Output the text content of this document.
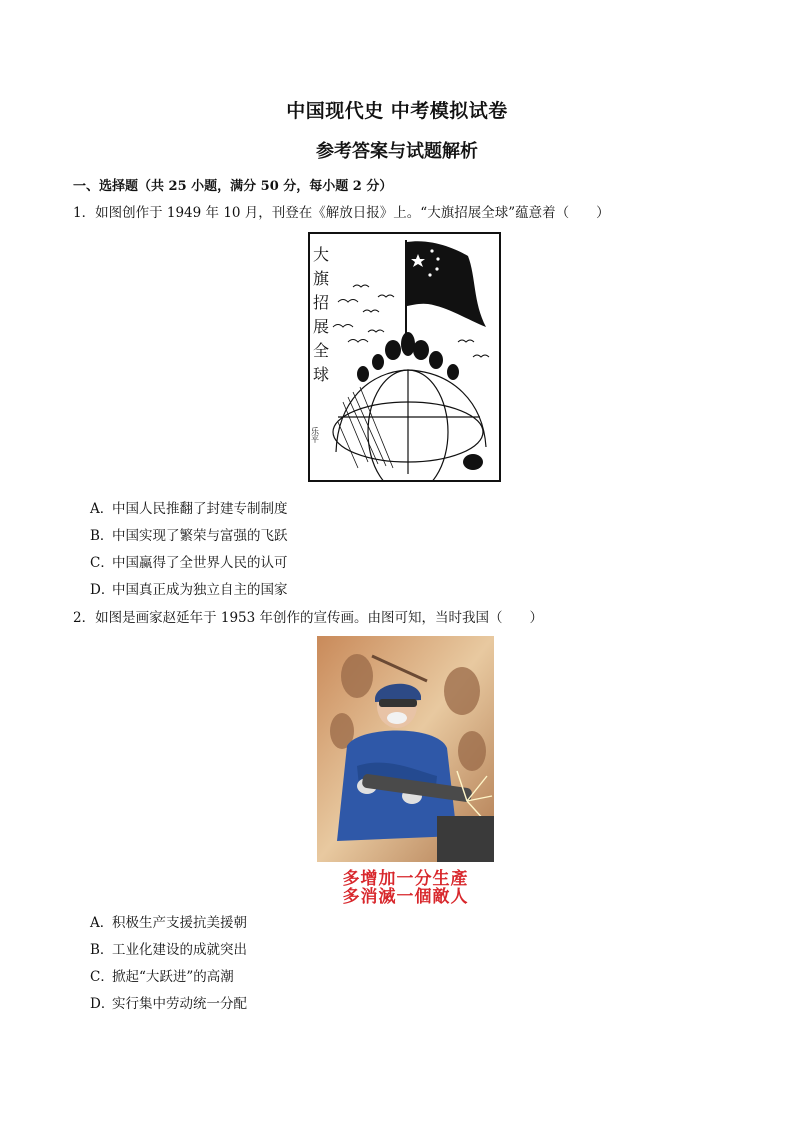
中国现代史 中考模拟试卷
参考答案与试题解析
一、选择题（共 25 小题，满分 50 分，每小题 2 分）
1．如图创作于 1949 年 10 月，刊登在《解放日报》上。“大旗招展全球”蕴意着（　　）
大
旗
招
展
全
球
乐平
A．中国人民推翻了封建专制制度
B．中国实现了繁荣与富强的飞跃
C．中国赢得了全世界人民的认可
D．中国真正成为独立自主的国家
2．如图是画家赵延年于 1953 年创作的宣传画。由图可知，当时我国（　　）
多增加一分生產
多消滅一個敵人
A．积极生产支援抗美援朝
B．工业化建设的成就突出
C．掀起“大跃进”的高潮
D．实行集中劳动统一分配
